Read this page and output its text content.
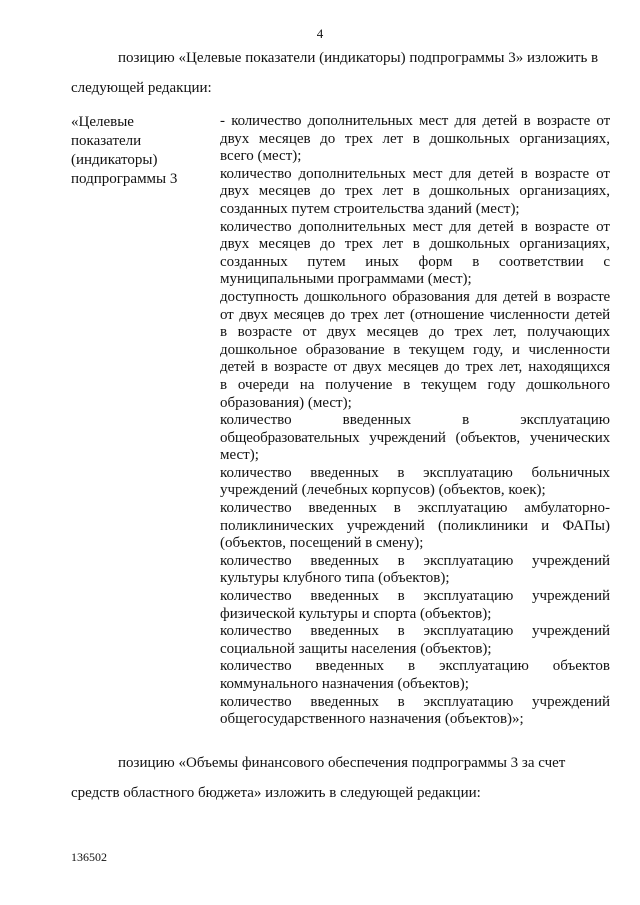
4
позицию «Целевые показатели (индикаторы) подпрограммы 3» изложить в
следующей редакции:
«Целевые
показатели
(индикаторы)
подпрограммы 3
- количество дополнительных мест для детей в возрасте от
двух месяцев до трех лет в дошкольных организациях,
всего (мест);
количество дополнительных мест для детей в возрасте от
двух месяцев до трех лет в дошкольных организациях,
созданных путем строительства зданий (мест);
количество дополнительных мест для детей в возрасте от
двух месяцев до трех лет в дошкольных организациях,
созданных путем иных форм в соответствии с
муниципальными программами (мест);
доступность дошкольного образования для детей в возрасте
от двух месяцев до трех лет (отношение численности детей
в возрасте от двух месяцев до трех лет, получающих
дошкольное образование в текущем году, и численности
детей в возрасте от двух месяцев до трех лет, находящихся
в очереди на получение в текущем году дошкольного
образования) (мест);
количество введенных в эксплуатацию
общеобразовательных учреждений (объектов, ученических
мест);
количество введенных в эксплуатацию больничных
учреждений (лечебных корпусов) (объектов, коек);
количество введенных в эксплуатацию амбулаторно-
поликлинических учреждений (поликлиники и ФАПы)
(объектов, посещений в смену);
количество введенных в эксплуатацию учреждений
культуры клубного типа (объектов);
количество введенных в эксплуатацию учреждений
физической культуры и спорта (объектов);
количество введенных в эксплуатацию учреждений
социальной защиты населения (объектов);
количество введенных в эксплуатацию объектов
коммунального назначения (объектов);
количество введенных в эксплуатацию учреждений
общегосударственного назначения (объектов)»;
позицию «Объемы финансового обеспечения подпрограммы 3 за счет
средств областного бюджета» изложить в следующей редакции:
136502
